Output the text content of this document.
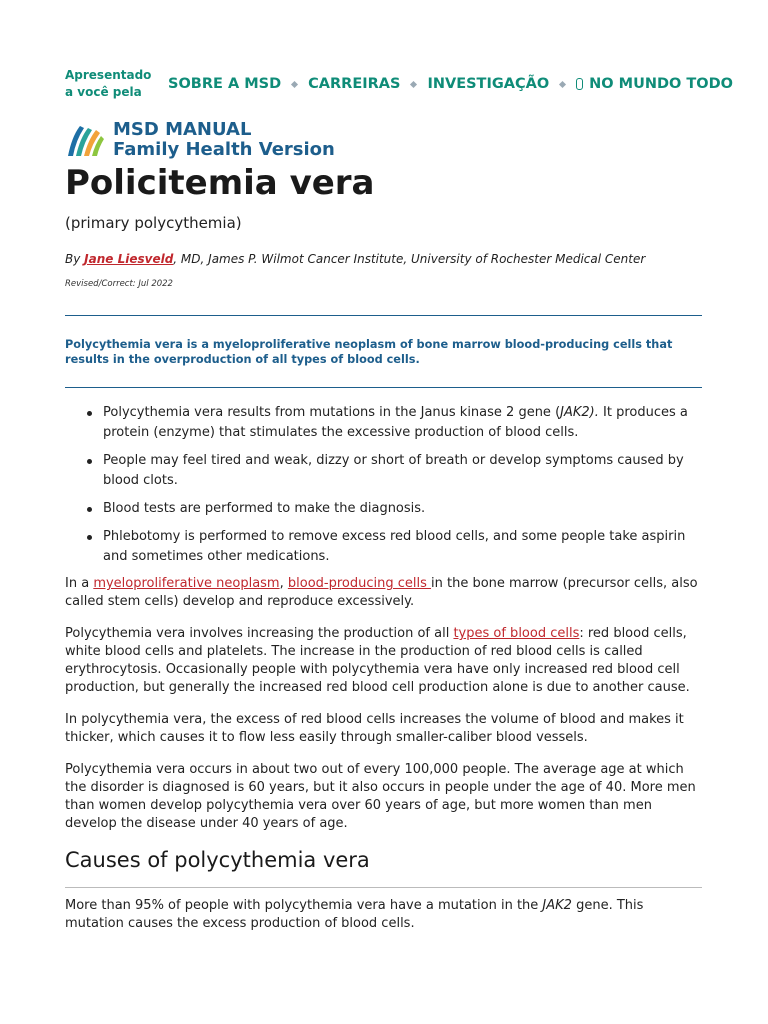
Apresentado
a você pela	SOBRE A MSD CARREIRAS INVESTIGAÇÃO	NO MUNDO TODO
MSD MANUAL
Family Health Version
Policitemia vera
(primary polycythemia)
By Jane Liesveld, MD, James P. Wilmot Cancer Institute, University of Rochester Medical Center
Revised/Correct: Jul 2022
Polycythemia vera is a myeloproliferative neoplasm of bone marrow blood-producing cells that results in the overproduction of all types of blood cells.
Polycythemia vera results from mutations in the Janus kinase 2 gene (JAK2). It produces a protein (enzyme) that stimulates the excessive production of blood cells.
People may feel tired and weak, dizzy or short of breath or develop symptoms caused by blood clots.
Blood tests are performed to make the diagnosis.
Phlebotomy is performed to remove excess red blood cells, and some people take aspirin and sometimes other medications.
In a myeloproliferative neoplasm, blood-producing cells in the bone marrow (precursor cells, also called stem cells) develop and reproduce excessively.
Polycythemia vera involves increasing the production of all types of blood cells: red blood cells, white blood cells and platelets. The increase in the production of red blood cells is called erythrocytosis. Occasionally people with polycythemia vera have only increased red blood cell production, but generally the increased red blood cell production alone is due to another cause.
In polycythemia vera, the excess of red blood cells increases the volume of blood and makes it thicker, which causes it to flow less easily through smaller-caliber blood vessels.
Polycythemia vera occurs in about two out of every 100,000 people. The average age at which the disorder is diagnosed is 60 years, but it also occurs in people under the age of 40. More men than women develop polycythemia vera over 60 years of age, but more women than men develop the disease under 40 years of age.
Causes of polycythemia vera
More than 95% of people with polycythemia vera have a mutation in the JAK2 gene. This mutation causes the excess production of blood cells.
